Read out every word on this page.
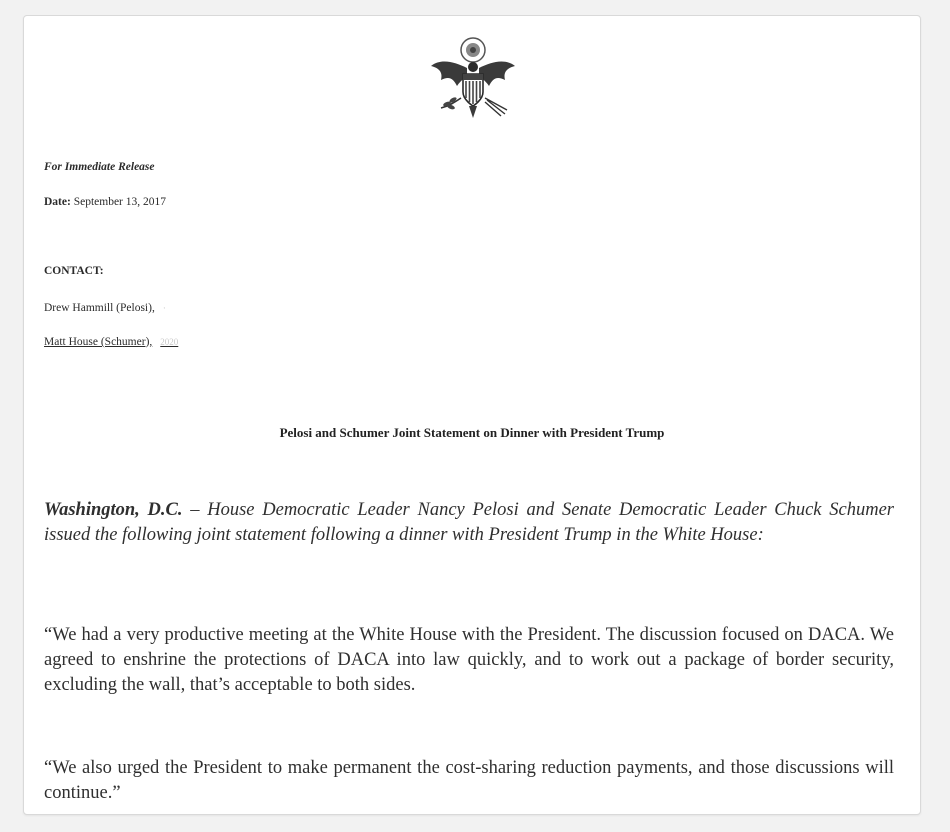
For Immediate Release
Date: September 13, 2017
CONTACT:
Drew Hammill (Pelosi), ·
Matt House (Schumer), 2020
Pelosi and Schumer Joint Statement on Dinner with President Trump
Washington, D.C. – House Democratic Leader Nancy Pelosi and Senate Democratic Leader Chuck Schumer issued the following joint statement following a dinner with President Trump in the White House:
“We had a very productive meeting at the White House with the President. The discussion focused on DACA. We agreed to enshrine the protections of DACA into law quickly, and to work out a package of border security, excluding the wall, that’s acceptable to both sides.
“We also urged the President to make permanent the cost-sharing reduction payments, and those discussions will continue.”
